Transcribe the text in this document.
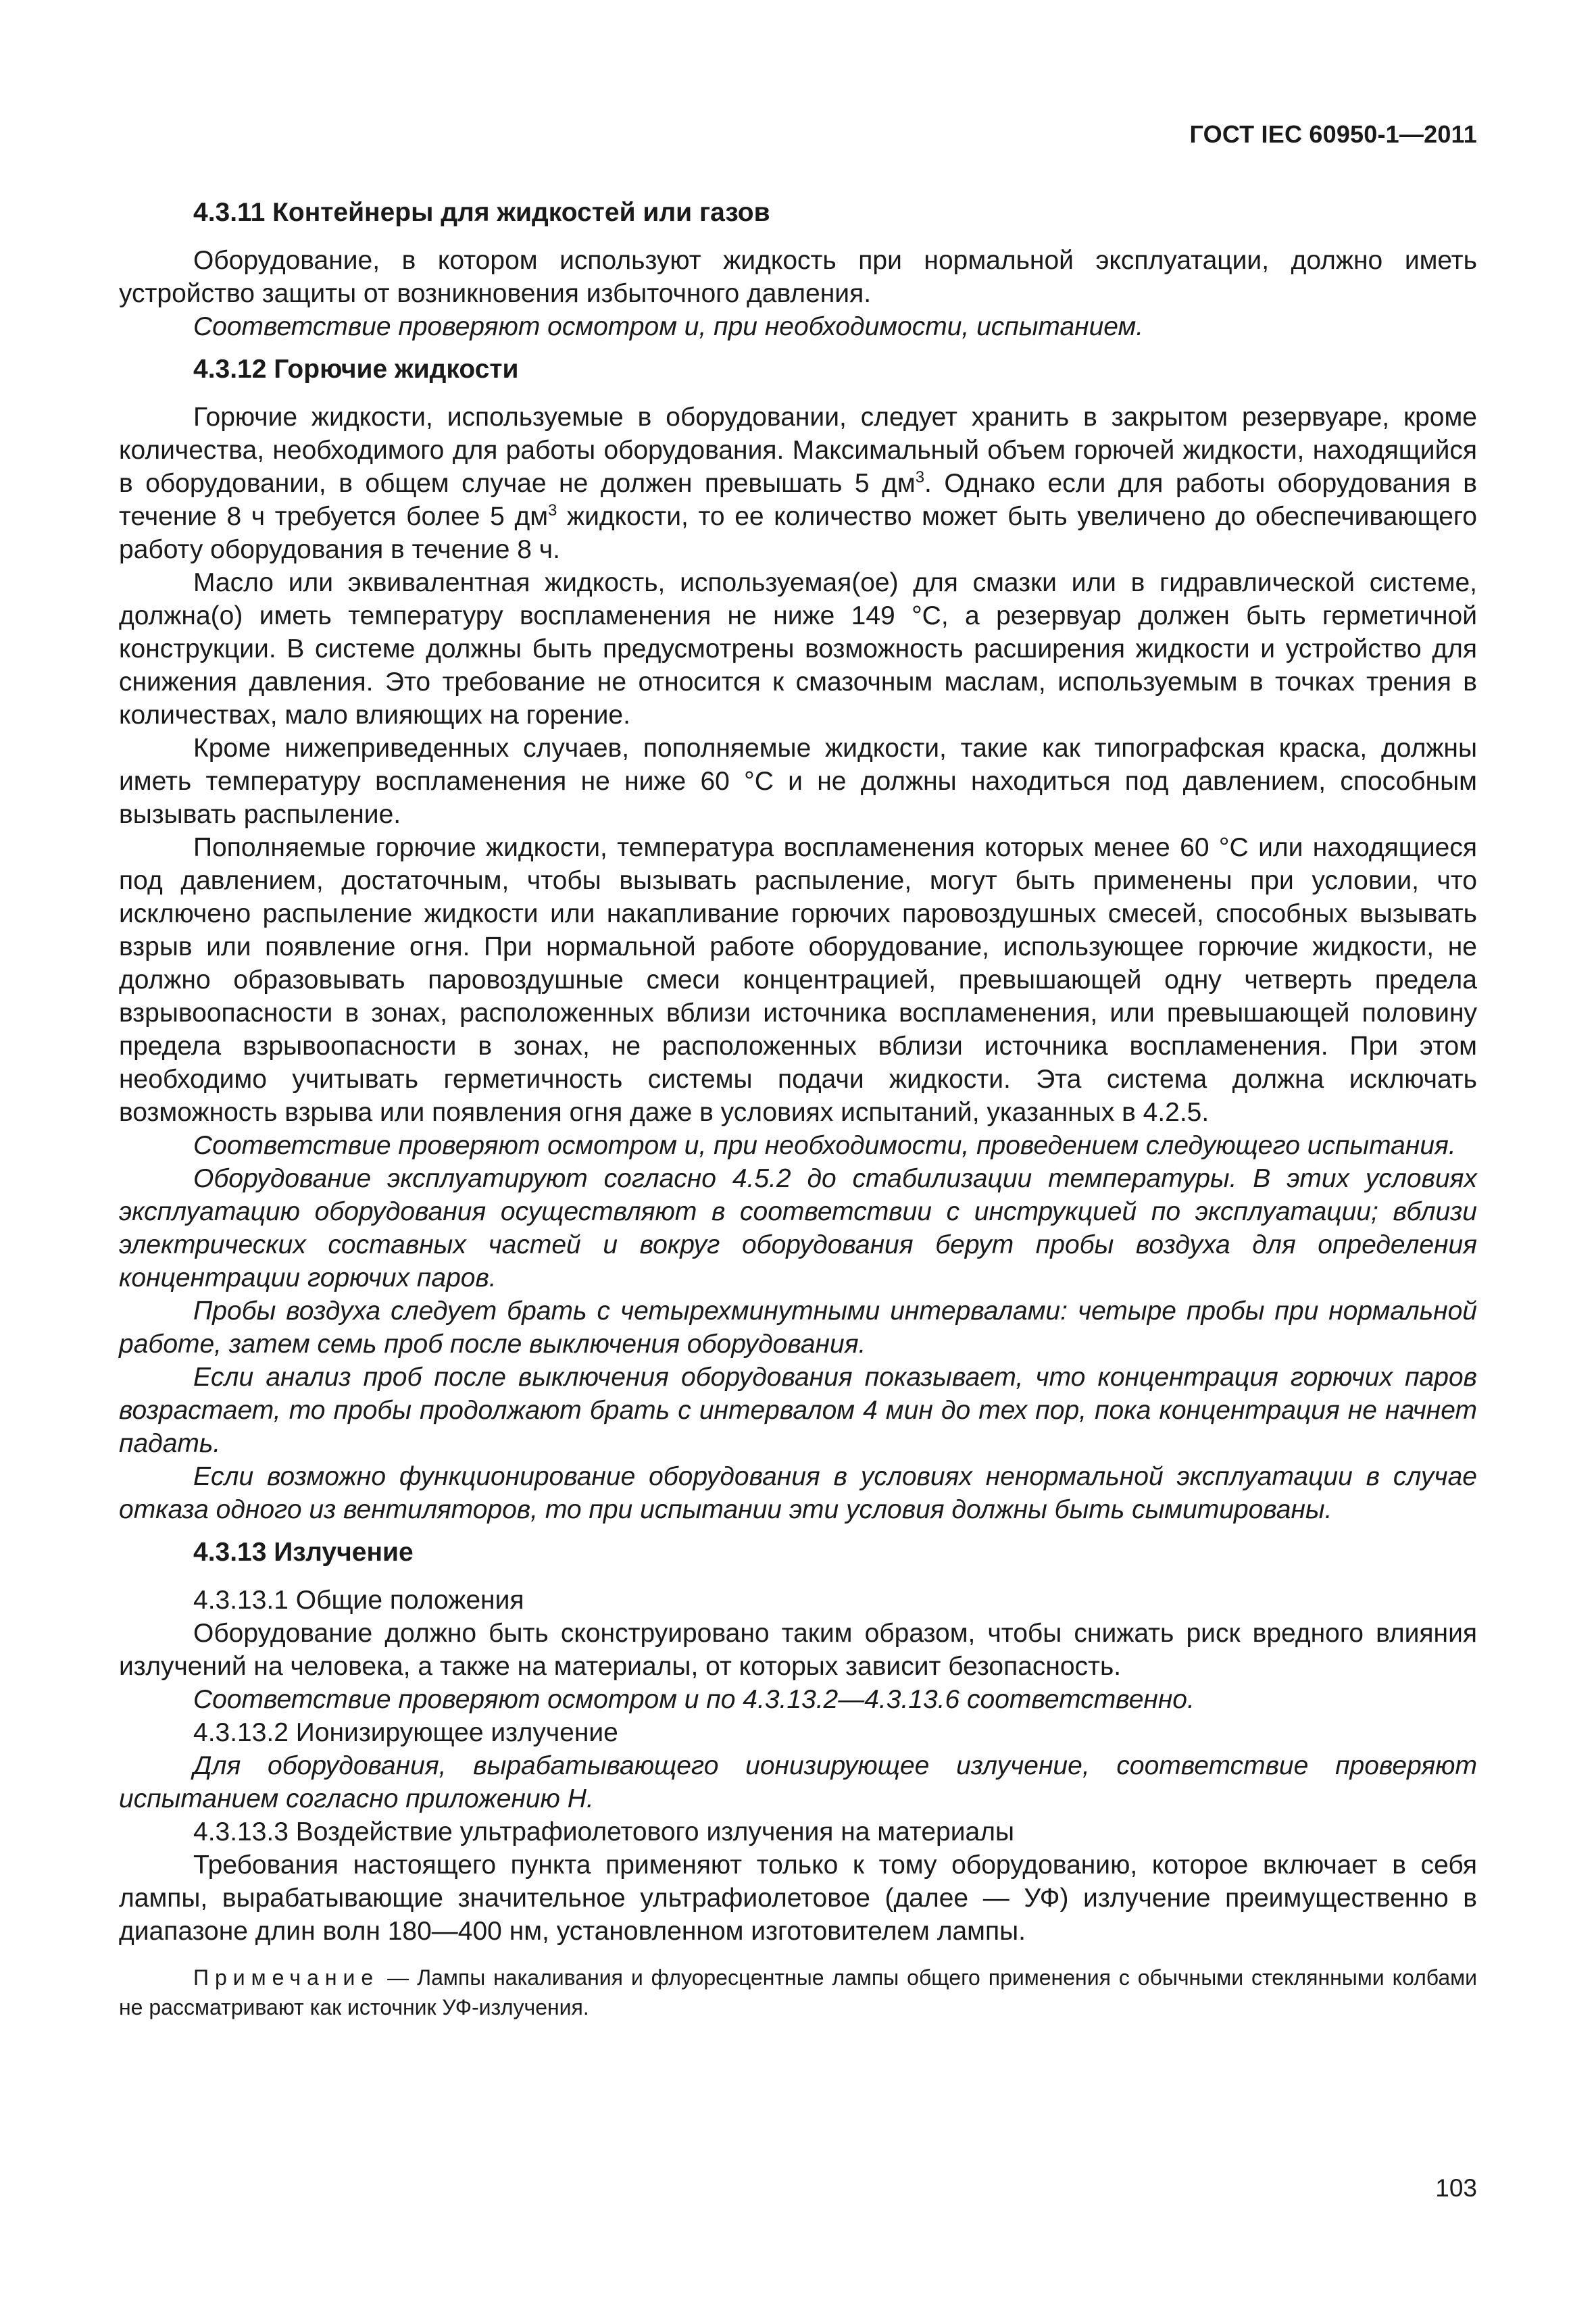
ГОСТ IEC 60950-1—2011
4.3.11 Контейнеры для жидкостей или газов

Оборудование, в котором используют жидкость при нормальной эксплуатации, должно иметь устройство защиты от возникновения избыточного давления.

Соответствие проверяют осмотром и, при необходимости, испытанием.

4.3.12 Горючие жидкости

Горючие жидкости, используемые в оборудовании, следует хранить в закрытом резервуаре, кроме количества, необходимого для работы оборудования. Максимальный объем горючей жидкости, находящийся в оборудовании, в общем случае не должен превышать 5 $дм^3$. Однако если для работы оборудования в течение 8 ч требуется более 5 $дм^3$ жидкости, то ее количество может быть увеличено до обеспечивающего работу оборудования в течение 8 ч.

Масло или эквивалентная жидкость, используемая(ое) для смазки или в гидравлической системе, должна(о) иметь температуру воспламенения не ниже 149 °С, а резервуар должен быть герметичной конструкции. В системе должны быть предусмотрены возможность расширения жидкости и устройство для снижения давления. Это требование не относится к смазочным маслам, используемым в точках трения в количествах, мало влияющих на горение.

Кроме нижеприведенных случаев, пополняемые жидкости, такие как типографская краска, должны иметь температуру воспламенения не ниже 60 °С и не должны находиться под давлением, способным вызывать распыление.

Пополняемые горючие жидкости, температура воспламенения которых менее 60 °С или находящиеся под давлением, достаточным, чтобы вызывать распыление, могут быть применены при условии, что исключено распыление жидкости или накапливание горючих паровоздушных смесей, способных вызывать взрыв или появление огня. При нормальной работе оборудование, использующее горючие жидкости, не должно образовывать паровоздушные смеси концентрацией, превышающей одну четверть предела взрывоопасности в зонах, расположенных вблизи источника воспламенения, или превышающей половину предела взрывоопасности в зонах, не расположенных вблизи источника воспламенения. При этом необходимо учитывать герметичность системы подачи жидкости. Эта система должна исключать возможность взрыва или появления огня даже в условиях испытаний, указанных в 4.2.5.

Соответствие проверяют осмотром и, при необходимости, проведением следующего испытания.

Оборудование эксплуатируют согласно 4.5.2 до стабилизации температуры. В этих условиях эксплуатацию оборудования осуществляют в соответствии с инструкцией по эксплуатации; вблизи электрических составных частей и вокруг оборудования берут пробы воздуха для определения концентрации горючих паров.

Пробы воздуха следует брать с четырехминутными интервалами: четыре пробы при нормальной работе, затем семь проб после выключения оборудования.

Если анализ проб после выключения оборудования показывает, что концентрация горючих паров возрастает, то пробы продолжают брать с интервалом 4 мин до тех пор, пока концентрация не начнет падать.

Если возможно функционирование оборудования в условиях ненормальной эксплуатации в случае отказа одного из вентиляторов, то при испытании эти условия должны быть сымитированы.

4.3.13 Излучение

4.3.13.1 Общие положения

Оборудование должно быть сконструировано таким образом, чтобы снижать риск вредного влияния излучений на человека, а также на материалы, от которых зависит безопасность.

Соответствие проверяют осмотром и по 4.3.13.2—4.3.13.6 соответственно.

4.3.13.2 Ионизирующее излучение

Для оборудования, вырабатывающего ионизирующее излучение, соответствие проверяют испытанием согласно приложению Н.

4.3.13.3 Воздействие ультрафиолетового излучения на материалы

Требования настоящего пункта применяют только к тому оборудованию, которое включает в себя лампы, вырабатывающие значительное ультрафиолетовое (далее — УФ) излучение преимущественно в диапазоне длин волн 180—400 нм, установленном изготовителем лампы.

Примечание — Лампы накаливания и флуоресцентные лампы общего применения с обычными стеклянными колбами не рассматривают как источник УФ-излучения.

103
